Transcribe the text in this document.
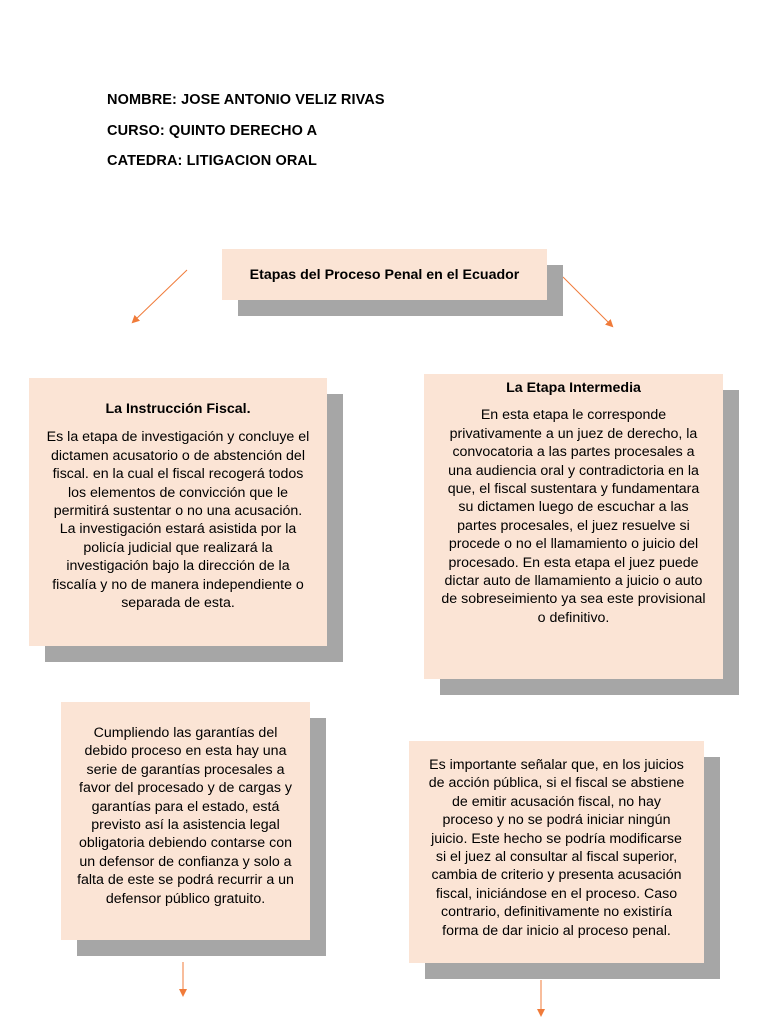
NOMBRE: JOSE ANTONIO VELIZ RIVAS
CURSO: QUINTO DERECHO A
CATEDRA: LITIGACION ORAL
Etapas del Proceso Penal en el Ecuador
La Instrucción Fiscal.
Es la etapa de investigación y concluye el
dictamen acusatorio o de abstención del
fiscal. en la cual el fiscal recogerá todos
los elementos de convicción que le
permitirá sustentar o no una acusación.
La investigación estará asistida por la
policía judicial que realizará la
investigación bajo la dirección de la
fiscalía y no de manera independiente o
separada de esta.
La Etapa Intermedia
En esta etapa le corresponde
privativamente a un juez de derecho, la
convocatoria a las partes procesales a
una audiencia oral y contradictoria en la
que, el fiscal sustentara y fundamentara
su dictamen luego de escuchar a las
partes procesales, el juez resuelve si
procede o no el llamamiento o juicio del
procesado. En esta etapa el juez puede
dictar auto de llamamiento a juicio o auto
de sobreseimiento ya sea este provisional
o definitivo.
Cumpliendo las garantías del
debido proceso en esta hay una
serie de garantías procesales a
favor del procesado y de cargas y
garantías para el estado, está
previsto así la asistencia legal
obligatoria debiendo contarse con
un defensor de confianza y solo a
falta de este se podrá recurrir a un
defensor público gratuito.
Es importante señalar que, en los juicios
de acción pública, si el fiscal se abstiene
de emitir acusación fiscal, no hay
proceso y no se podrá iniciar ningún
juicio. Este hecho se podría modificarse
si el juez al consultar al fiscal superior,
cambia de criterio y presenta acusación
fiscal, iniciándose en el proceso. Caso
contrario, definitivamente no existiría
forma de dar inicio al proceso penal.
